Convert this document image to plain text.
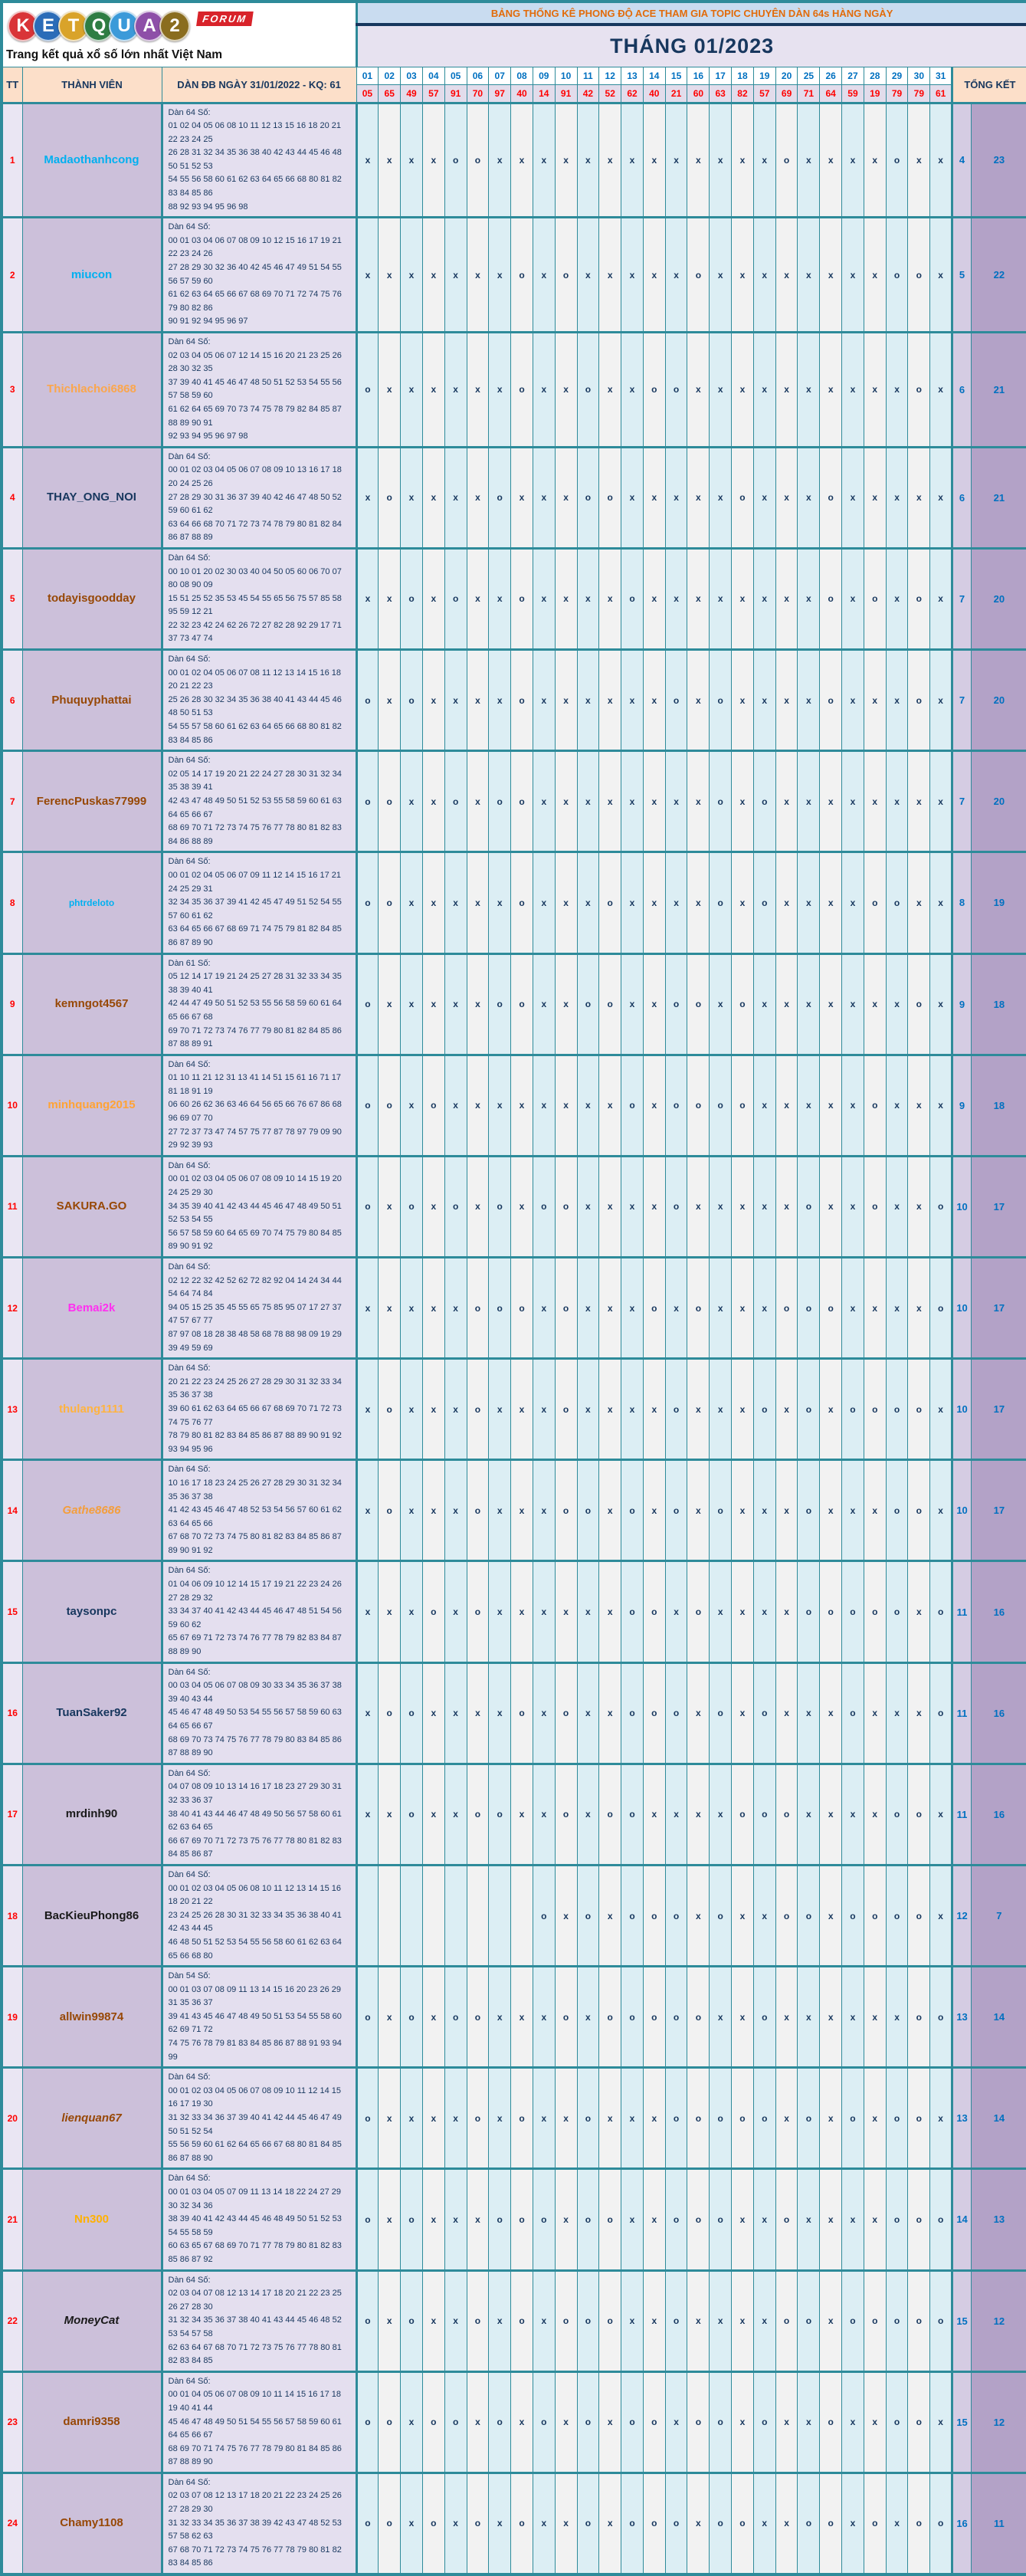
K E T Q U A 2 FORUM
Trang kết quả xổ số lớn nhất Việt Nam			BẢNG THỐNG KÊ PHONG ĐỘ ACE THAM GIA TOPIC CHUYÊN DÀN 64s HÀNG NGÀY																												
			THÁNG 01/2023																												
TT	THÀNH VIÊN	DÀN ĐB NGÀY 31/01/2022 - KQ: 61	01	02	03	04	05	06	07	08	09	10	11	12	13	14	15	16	17	18	19	20	25	26	27	28	29	30	31	TỔNG KẾT	
			05	65	49	57	91	70	97	40	14	91	42	52	62	40	21	60	63	82	57	69	71	64	59	19	79	79	61		
1	Madaothanhcong	Dàn 64 Số:
01 02 04 05 06 08 10 11 12 13 15 16 18 20 21 22 23 24 25
26 28 31 32 34 35 36 38 40 42 43 44 45 46 48 50 51 52 53
54 55 56 58 60 61 62 63 64 65 66 68 80 81 82 83 84 85 86
88 92 93 94 95 96 98	x	x	x	x	o	o	x	x	x	x	x	x	x	x	x	x	x	x	x	o	x	x	x	x	o	x	x	4	23
2	miucon	Dàn 64 Số:
00 01 03 04 06 07 08 09 10 12 15 16 17 19 21 22 23 24 26
27 28 29 30 32 36 40 42 45 46 47 49 51 54 55 56 57 59 60
61 62 63 64 65 66 67 68 69 70 71 72 74 75 76 79 80 82 86
90 91 92 94 95 96 97	x	x	x	x	x	x	x	o	x	o	x	x	x	x	x	o	x	x	x	x	x	x	x	x	o	o	x	5	22
3	Thichlachoi6868	Dàn 64 Số:
02 03 04 05 06 07 12 14 15 16 20 21 23 25 26 28 30 32 35
37 39 40 41 45 46 47 48 50 51 52 53 54 55 56 57 58 59 60
61 62 64 65 69 70 73 74 75 78 79 82 84 85 87 88 89 90 91
92 93 94 95 96 97 98	o	x	x	x	x	x	x	o	x	x	o	x	x	o	o	x	x	x	x	x	x	x	x	x	x	o	x	6	21
4	THAY_ONG_NOI	Dàn 64 Số:
00 01 02 03 04 05 06 07 08 09 10 13 16 17 18 20 24 25 26
27 28 29 30 31 36 37 39 40 42 46 47 48 50 52 59 60 61 62
63 64 66 68 70 71 72 73 74 78 79 80 81 82 84 86 87 88 89	x	o	x	x	x	x	o	x	x	x	o	o	x	x	x	x	x	o	x	x	x	o	x	x	x	x	x	6	21
5	todayisgoodday	Dàn 64 Số:
00 10 01 20 02 30 03 40 04 50 05 60 06 70 07 80 08 90 09
15 51 25 52 35 53 45 54 55 65 56 75 57 85 58 95 59 12 21
22 32 23 42 24 62 26 72 27 82 28 92 29 17 71 37 73 47 74	x	x	o	x	o	x	x	o	x	x	x	x	o	x	x	x	x	x	x	x	x	o	x	o	x	o	x	7	20
6	Phuquyphattai	Dàn 64 Số:
00 01 02 04 05 06 07 08 11 12 13 14 15 16 18 20 21 22 23
25 26 28 30 32 34 35 36 38 40 41 43 44 45 46 48 50 51 53
54 55 57 58 60 61 62 63 64 65 66 68 80 81 82 83 84 85 86	o	x	o	x	x	x	x	o	x	x	x	x	x	x	o	x	o	x	x	x	x	o	x	x	x	o	x	7	20
7	FerencPuskas77999	Dàn 64 Số:
02 05 14 17 19 20 21 22 24 27 28 30 31 32 34 35 38 39 41
42 43 47 48 49 50 51 52 53 55 58 59 60 61 63 64 65 66 67
68 69 70 71 72 73 74 75 76 77 78 80 81 82 83 84 86 88 89	o	o	x	x	o	x	o	o	x	x	x	x	x	x	x	x	o	x	o	x	x	x	x	x	x	x	x	7	20
8	phtrdeloto	Dàn 64 Số:
00 01 02 04 05 06 07 09 11 12 14 15 16 17 21 24 25 29 31
32 34 35 36 37 39 41 42 45 47 49 51 52 54 55 57 60 61 62
63 64 65 66 67 68 69 71 74 75 79 81 82 84 85 86 87 89 90	o	o	x	x	x	x	x	o	x	x	x	o	x	x	x	x	o	x	o	x	x	x	x	o	o	x	x	8	19
9	kemngot4567	Dàn 61 Số:
05 12 14 17 19 21 24 25 27 28 31 32 33 34 35 38 39 40 41
42 44 47 49 50 51 52 53 55 56 58 59 60 61 64 65 66 67 68
69 70 71 72 73 74 76 77 79 80 81 82 84 85 86 87 88 89 91	o	x	x	x	x	x	o	o	x	x	o	o	x	x	o	o	x	o	x	x	x	x	x	x	x	o	x	9	18
10	minhquang2015	Dàn 64 Số:
01 10 11 21 12 31 13 41 14 51 15 61 16 71 17 81 18 91 19
06 60 26 62 36 63 46 64 56 65 66 76 67 86 68 96 69 07 70
27 72 37 73 47 74 57 75 77 87 78 97 79 09 90 29 92 39 93	o	o	x	o	x	x	x	x	x	x	x	x	o	x	o	o	o	o	x	x	x	x	x	o	x	x	x	9	18
11	SAKURA.GO	Dàn 64 Số:
00 01 02 03 04 05 06 07 08 09 10 14 15 19 20 24 25 29 30
34 35 39 40 41 42 43 44 45 46 47 48 49 50 51 52 53 54 55
56 57 58 59 60 64 65 69 70 74 75 79 80 84 85 89 90 91 92	o	x	o	x	o	x	o	x	o	o	x	x	x	x	o	x	x	x	x	x	o	x	x	o	x	x	o	10	17
12	Bemai2k	Dàn 64 Số:
02 12 22 32 42 52 62 72 82 92 04 14 24 34 44 54 64 74 84
94 05 15 25 35 45 55 65 75 85 95 07 17 27 37 47 57 67 77
87 97 08 18 28 38 48 58 68 78 88 98 09 19 29 39 49 59 69	x	x	x	x	x	o	o	o	x	o	x	x	x	o	x	o	x	x	x	o	o	o	x	x	x	x	o	10	17
13	thulang1111	Dàn 64 Số:
20 21 22 23 24 25 26 27 28 29 30 31 32 33 34 35 36 37 38
39 60 61 62 63 64 65 66 67 68 69 70 71 72 73 74 75 76 77
78 79 80 81 82 83 84 85 86 87 88 89 90 91 92 93 94 95 96	x	o	x	x	x	o	x	x	x	o	x	x	x	x	o	x	x	x	o	x	o	x	o	o	o	o	x	10	17
14	Gathe8686	Dàn 64 Số:
10 16 17 18 23 24 25 26 27 28 29 30 31 32 34 35 36 37 38
41 42 43 45 46 47 48 52 53 54 56 57 60 61 62 63 64 65 66
67 68 70 72 73 74 75 80 81 82 83 84 85 86 87 89 90 91 92	x	o	x	x	x	o	x	x	x	o	o	x	o	x	o	x	o	x	x	x	o	x	x	x	o	o	x	10	17
15	taysonpc	Dàn 64 Số:
01 04 06 09 10 12 14 15 17 19 21 22 23 24 26 27 28 29 32
33 34 37 40 41 42 43 44 45 46 47 48 51 54 56 59 60 62
65 67 69 71 72 73 74 76 77 78 79 82 83 84 87 88 89 90	x	x	x	o	x	o	x	x	x	x	x	x	o	o	x	o	x	x	x	x	o	o	o	o	o	x	o	11	16
16	TuanSaker92	Dàn 64 Số:
00 03 04 05 06 07 08 09 30 33 34 35 36 37 38 39 40 43 44
45 46 47 48 49 50 53 54 55 56 57 58 59 60 63 64 65 66 67
68 69 70 73 74 75 76 77 78 79 80 83 84 85 86 87 88 89 90	x	o	o	x	x	x	x	o	x	o	x	x	o	o	o	x	o	x	o	x	x	x	o	x	x	x	o	11	16
17	mrdinh90	Dàn 64 Số:
04 07 08 09 10 13 14 16 17 18 23 27 29 30 31 32 33 36 37
38 40 41 43 44 46 47 48 49 50 56 57 58 60 61 62 63 64 65
66 67 69 70 71 72 73 75 76 77 78 80 81 82 83 84 85 86 87	x	x	o	x	x	o	o	x	x	o	x	o	o	x	x	x	x	o	o	o	x	x	x	x	o	o	x	11	16
18	BacKieuPhong86	Dàn 64 Số:
00 01 02 03 04 05 06 08 10 11 12 13 14 15 16 18 20 21 22
23 24 25 26 28 30 31 32 33 34 35 36 38 40 41 42 43 44 45
46 48 50 51 52 53 54 55 56 58 60 61 62 63 64 65 66 68 80									o	x	o	x	o	o	o	x	o	x	x	o	o	x	o	o	o	o	x	12	7
19	allwin99874	Dàn 54 Số:
00 01 03 07 08 09 11 13 14 15 16 20 23 26 29 31 35 36 37
39 41 43 45 46 47 48 49 50 51 53 54 55 58 60 62 69 71 72
74 75 76 78 79 81 83 84 85 86 87 88 91 93 94 99	o	x	o	x	o	o	x	x	x	o	x	o	o	o	o	o	x	x	o	x	x	x	x	x	x	o	o	13	14
20	lienquan67	Dàn 64 Số:
00 01 02 03 04 05 06 07 08 09 10 11 12 14 15 16 17 19 30
31 32 33 34 36 37 39 40 41 42 44 45 46 47 49 50 51 52 54
55 56 59 60 61 62 64 65 66 67 68 80 81 84 85 86 87 88 90	o	x	x	x	x	o	x	o	x	x	o	x	x	x	o	o	o	o	o	x	o	x	o	x	o	o	x	13	14
21	Nn300	Dàn 64 Số:
00 01 03 04 05 07 09 11 13 14 18 22 24 27 29 30 32 34 36
38 39 40 41 42 43 44 45 46 48 49 50 51 52 53 54 55 58 59
60 63 65 67 68 69 70 71 77 78 79 80 81 82 83 85 86 87 92	o	x	o	x	x	x	o	o	o	x	o	o	x	x	o	o	o	x	x	o	x	x	x	x	o	o	o	14	13
22	MoneyCat	Dàn 64 Số:
02 03 04 07 08 12 13 14 17 18 20 21 22 23 25 26 27 28 30
31 32 34 35 36 37 38 40 41 43 44 45 46 48 52 53 54 57 58
62 63 64 67 68 70 71 72 73 75 76 77 78 80 81 82 83 84 85	o	x	o	x	x	o	x	o	x	o	o	o	x	x	o	x	x	x	x	o	o	x	o	o	o	o	o	15	12
23	damri9358	Dàn 64 Số:
00 01 04 05 06 07 08 09 10 11 14 15 16 17 18 19 40 41 44
45 46 47 48 49 50 51 54 55 56 57 58 59 60 61 64 65 66 67
68 69 70 71 74 75 76 77 78 79 80 81 84 85 86 87 88 89 90	o	o	x	o	o	x	o	x	o	x	o	x	o	o	x	o	o	x	o	x	x	o	x	x	o	o	x	15	12
24	Chamy1108	Dàn 64 Số:
02 03 07 08 12 13 17 18 20 21 22 23 24 25 26 27 28 29 30
31 32 33 34 35 36 37 38 39 42 43 47 48 52 53 57 58 62 63
67 68 70 71 72 73 74 75 76 77 78 79 80 81 82 83 84 85 86	o	o	x	o	x	o	x	o	x	x	o	x	o	o	o	x	o	o	x	x	o	o	x	o	x	o	o	16	11
